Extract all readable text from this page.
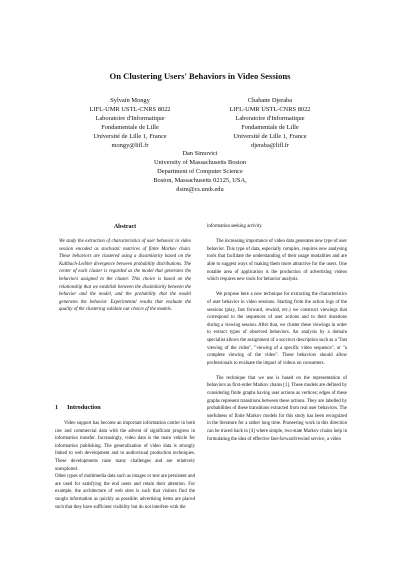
On Clustering Users' Behaviors in Video Sessions
Sylvain Mongy
LIFL-UMR USTL-CNRS 8022
Laboratoire d'Informatique
Fondamentale de Lille
Université de Lille 1, France
mongy@lifl.fr
Chabane Djeraba
LIFL-UMR USTL-CNRS 8022
Laboratoire d'Informatique
Fondamentale de Lille
Université de Lille 1, France
djeraba@lifl.fr
Dan Simovici
University of Massachusetts Boston
Department of Computer Science
Boston, Massachusetts 02125, USA,
dsim@cs.umb.edu
Abstract

We study the extraction of characteristics of user behavior in video session encoded as stochastic matrices of finite Markov chain. These behaviors are clustered using a dissimilarity based on the Kullbach-Leibler divergence between probability distributions. The center of each cluster is regarded as the model that generates the behaviors assigned to the cluster. This choice is based on the relationship that we establish between the dissimilarity between the behavior and the model, and the probability that the model generates the behavior. Experimental results that evaluate the quality of the clustering validate our choice of the models.

1 Introduction

Video support has become an important information carrier in both raw and commercial data with the advent of significant progress in information transfer. Increasingly, video data is the main vehicle for information publishing. The generalization of video data is strongly linked to web development and to audiovisual production techniques. These developments raise many challenges and are relatively unexplored.

Other types of multimedia data such as images or text are persistent and are used for satisfying the end users and retain their attention. For example, the architecture of web sites is such that visitors find the sought information as quickly as possible; advertising items are placed such that they have sufficient visibility but do not interfere with the

information seeking activity.

The increasing importance of video data generates new type of user behavior. This type of data, especially complex, requires new analysing tools that facilitate the understanding of their usage modalities and are able to suggest ways of making them more attractive for the users. One notable area of application is the production of advertising videos which requires new tools for behavior analysis.

We propose here a new technique for extracting the characteristics of user behavior in video sessions. Starting from the action logs of the sessions (play, fast forward, rewind, etc.) we construct viewings that correspond to the sequences of user actions and to their durations during a viewing session. After that, we cluster these viewings in order to extract types of observed behaviors. An analysis by a domain specialist allows the assignment of a succinct description such as a "fast viewing of the video", "viewing of a specific video sequence", or "a complete viewing of the video". These behaviors should allow professionals to evaluate the impact of videos on consumers.

The technique that we use is based on the representation of behaviors as first-order Markov chains [1]. These models are defined by considering finite graphs having user actions as vertices; edges of these graphs represent transitions between these actions. They are labelled by probabilities of these transitions extracted from real user behaviors. The usefulness of finite Markov models for this study has been recognized in the literature for a rather long time. Pioneering work in this direction can be traced back to [4] where simple, two-state Markov chains help in formulating the idea of effective fast-forward/rewind service, a video
